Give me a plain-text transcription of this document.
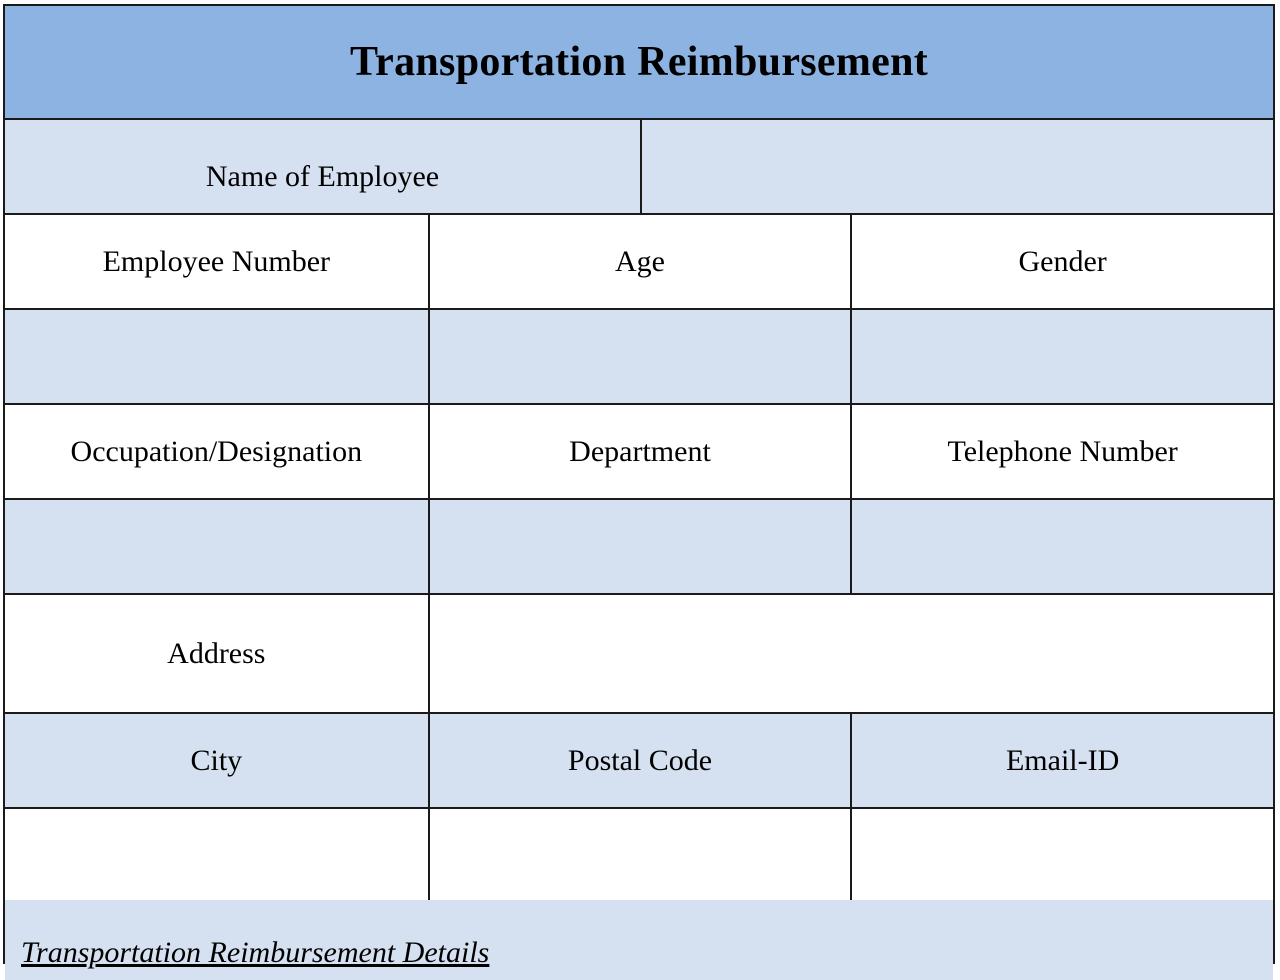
Transportation Reimbursement
Name of Employee
Employee Number	Age	Gender
Occupation/Designation	Department	Telephone Number
Address
City	Postal Code	Email-ID
Transportation Reimbursement Details
